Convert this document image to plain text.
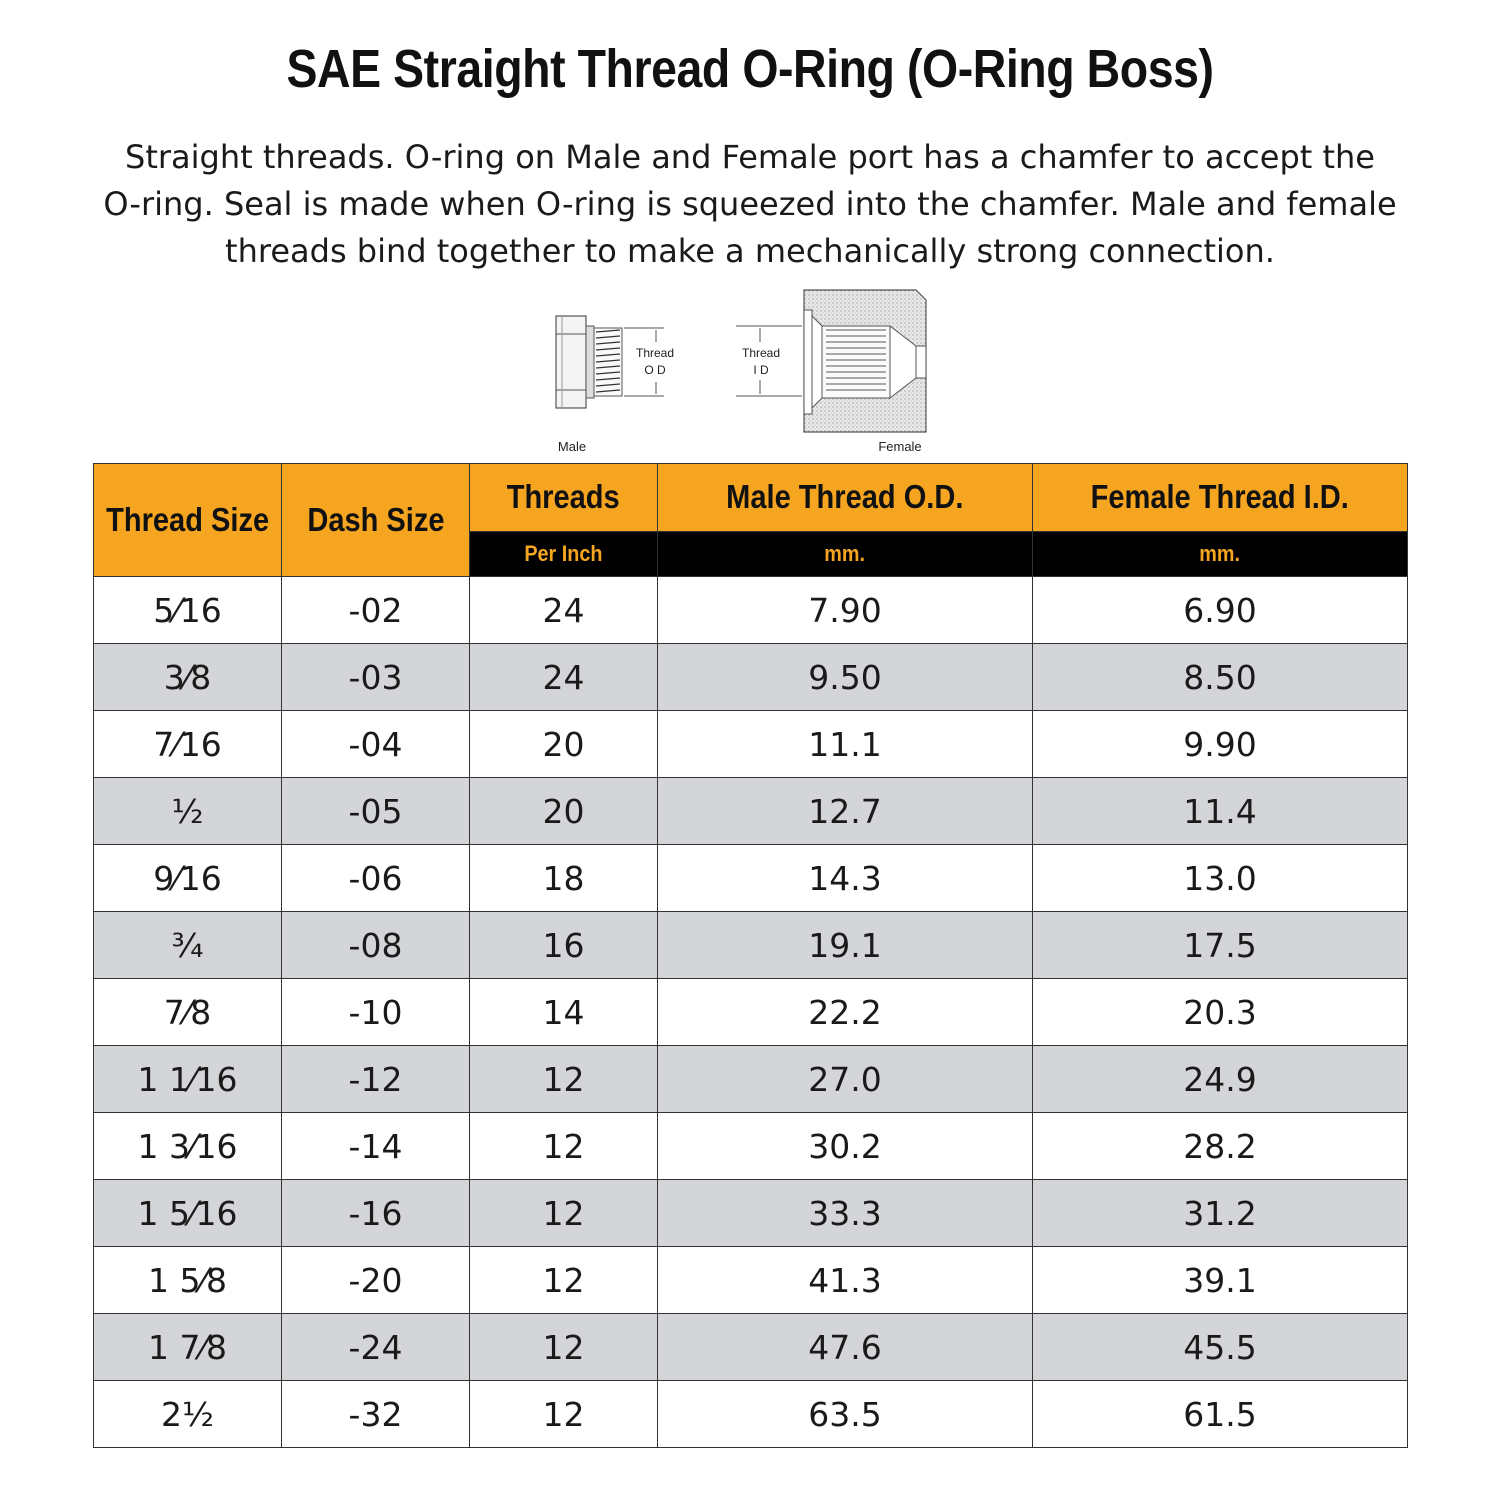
SAE Straight Thread O-Ring (O-Ring Boss)
Straight threads. O-ring on Male and Female port has a chamfer to accept the
O-ring. Seal is made when O-ring is squeezed into the chamfer. Male and female
threads bind together to make a mechanically strong connection.
Thread
O D
Male
Thread
I D
Female
Thread Size	Dash Size	Threads	Male Thread O.D.	Female Thread I.D.
		Per Inch	mm.	mm.
5⁄16	-02	24	7.90	6.90
3⁄8	-03	24	9.50	8.50
7⁄16	-04	20	11.1	9.90
½	-05	20	12.7	11.4
9⁄16	-06	18	14.3	13.0
¾	-08	16	19.1	17.5
7⁄8	-10	14	22.2	20.3
1 1⁄16	-12	12	27.0	24.9
1 3⁄16	-14	12	30.2	28.2
1 5⁄16	-16	12	33.3	31.2
1 5⁄8	-20	12	41.3	39.1
1 7⁄8	-24	12	47.6	45.5
2½	-32	12	63.5	61.5
